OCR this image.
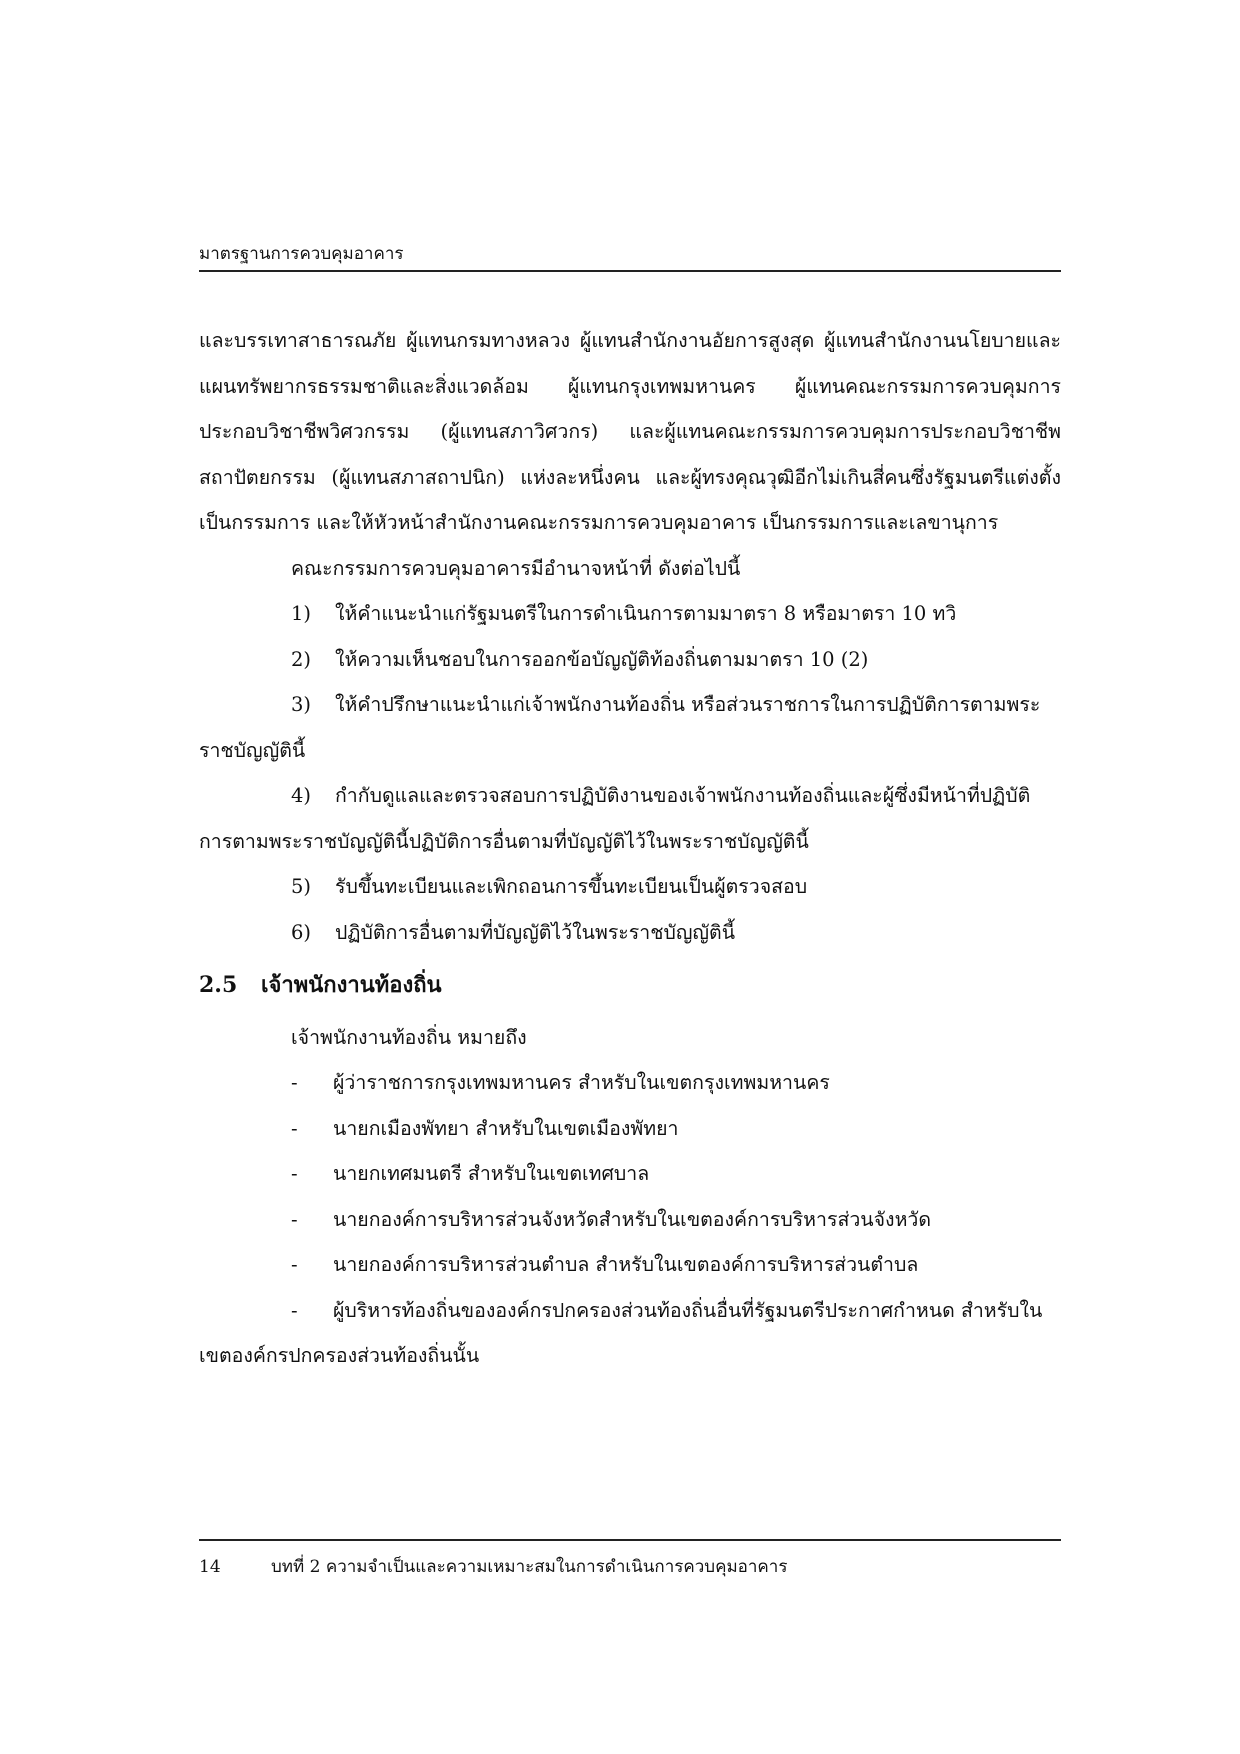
มาตรฐานการควบคุมอาคาร

และบรรเทาสาธารณภัย ผู้แทนกรมทางหลวง ผู้แทนสำนักงานอัยการสูงสุด ผู้แทนสำนักงานนโยบายและแผนทรัพยากรธรรมชาติและสิ่งแวดล้อม ผู้แทนกรุงเทพมหานคร ผู้แทนคณะกรรมการควบคุมการประกอบวิชาชีพวิศวกรรม (ผู้แทนสภาวิศวกร) และผู้แทนคณะกรรมการควบคุมการประกอบวิชาชีพสถาปัตยกรรม (ผู้แทนสภาสถาปนิก) แห่งละหนึ่งคน และผู้ทรงคุณวุฒิอีกไม่เกินสี่คนซึ่งรัฐมนตรีแต่งตั้ง เป็นกรรมการ และให้หัวหน้าสำนักงานคณะกรรมการควบคุมอาคาร เป็นกรรมการและเลขานุการ

คณะกรรมการควบคุมอาคารมีอำนาจหน้าที่ ดังต่อไปนี้

1) ให้คำแนะนำแก่รัฐมนตรีในการดำเนินการตามมาตรา 8 หรือมาตรา 10 ทวิ

2) ให้ความเห็นชอบในการออกข้อบัญญัติท้องถิ่นตามมาตรา 10 (2)

3) ให้คำปรึกษาแนะนำแก่เจ้าพนักงานท้องถิ่น หรือส่วนราชการในการปฏิบัติการตามพระราชบัญญัตินี้

4) กำกับดูแลและตรวจสอบการปฏิบัติงานของเจ้าพนักงานท้องถิ่นและผู้ซึ่งมีหน้าที่ปฏิบัติการตามพระราชบัญญัตินี้ปฏิบัติการอื่นตามที่บัญญัติไว้ในพระราชบัญญัตินี้

5) รับขึ้นทะเบียนและเพิกถอนการขึ้นทะเบียนเป็นผู้ตรวจสอบ

6) ปฏิบัติการอื่นตามที่บัญญัติไว้ในพระราชบัญญัตินี้

2.5 เจ้าพนักงานท้องถิ่น

เจ้าพนักงานท้องถิ่น หมายถึง

- ผู้ว่าราชการกรุงเทพมหานคร สำหรับในเขตกรุงเทพมหานคร

- นายกเมืองพัทยา สำหรับในเขตเมืองพัทยา

- นายกเทศมนตรี สำหรับในเขตเทศบาล

- นายกองค์การบริหารส่วนจังหวัดสำหรับในเขตองค์การบริหารส่วนจังหวัด

- นายกองค์การบริหารส่วนตำบล สำหรับในเขตองค์การบริหารส่วนตำบล

- ผู้บริหารท้องถิ่นขององค์กรปกครองส่วนท้องถิ่นอื่นที่รัฐมนตรีประกาศกำหนด สำหรับในเขตองค์กรปกครองส่วนท้องถิ่นนั้น

14	บทที่ 2 ความจำเป็นและความเหมาะสมในการดำเนินการควบคุมอาคาร
